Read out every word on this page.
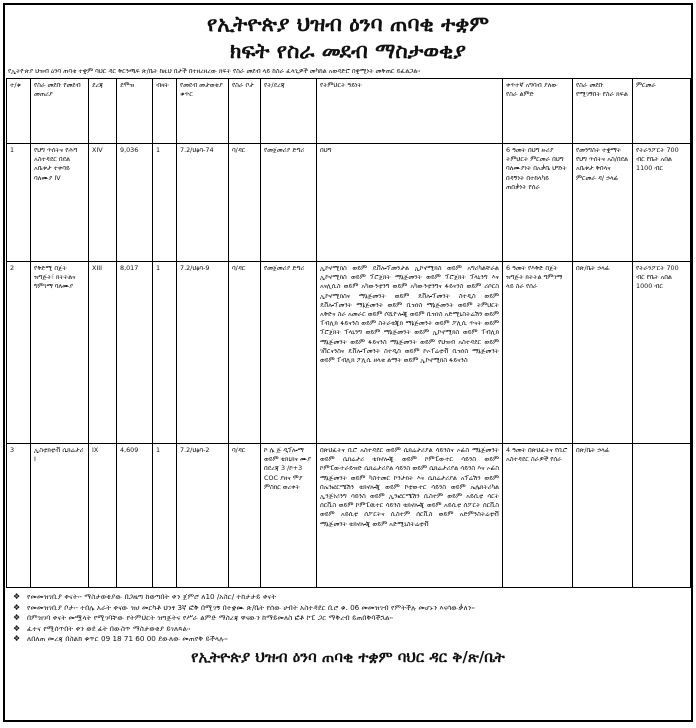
የኢትዮጵያ ህዝብ ዕንባ ጠባቂ ተቋም
ክፍት የስራ መደብ ማስታወቂያ
የኢትዮጵያ ህዝብ ዕንባ ጠባቂ ተቋም ባህር ዳር ቅርንጫፍ ጽ/ቤት ከዚህ በታች በተዘረዘረው ክፍት የስራ መደብ ላይ ከስራ ፈላጊዎች መካከል አወዳድሮ በቋሚነት መቅጠር ይፈልጋል፡፡
ተ/ቁ	የስራ መደቡ የመደብ መጠሪያ	ደረጃ	ደሞዝ	ብዛት	የመደብ መታወቂያ ቁጥር	የስራ ቦታ	የት/ደረጃ	የትምህርት ዓይነት	ቀጥተኛ አግባብ ያለው የስራ ልምድ	የስራ መደቡ የሚገኝበት የስራ ክፍል	ምርመራ
1	የህግ ጥሰትና የሕግ አስተዳደር በደል አቤቱታ ተቀባይ ባለሙያ IV	XIV	9,036	1	7.2/ህፅባ-74	ባ/ዳር	የመጀመሪያ ድግሪ	በህግ	6 ዓመት በህግ ዙሪያ ትምህርት ምርመራ በህግ ባለሙያነት በአቃቤ ህግነት በዳኝነት በተከላካይ ጠበቃነት የሰራ	የመንግስት ተቋማት የህግ ጥሰትና አስ/በደል አቤቱታ ቅበላና ምርመራ ዳ/ ኃላፊ	የትራንፖርት 700 ብር የቤት አበል 1100 ብር
2	የቅድሚ በጀት ዝግጅት፣ ክትትልና ግምገማ ባለሙያ	XIII	8,017	1	7.2/ህፅባ-9	ባ/ዳር	የመጀመሪያ ድግሪ	ኢኮኖሚክስ ወይም ዴቨሎፕመንታል ኢኮኖሚክስ ወይም አግሪካልቸራል ኢኮኖሚክስ ወይም ፕሮጀክት ማኔጅመንት ወይም ፕሮጀክት ፕላኒንግ እና አናሊሲስ ወይም አካውንቲንግ ወይም አካውንቲንግና ፋይናንስ ወይም ሪሶርስ ኢኮኖሚክስና ማኔጅመንት ወይም ዴቨሎፕመንት ስተዲስ ወይም ዴቨሎፕመንት ማኔጅመንት ወይም ቢዝነስ ማኔጅመንት ወይም ትምህርት አቅድና ስራ አመራር ወይም ሶሺዮሎጂ ወይም ቢዝነስ አድሚኒስትሬሽን ወይም ፐብሊክ ፋይናንስ ወይም ስትራቴጂክ ማኔጅመንት ወይም ፖሊሲ ጥናት ወይም ፕሮጀክት ፕላኒንግ ወይም ማኔጅመንት ወይም ኢኮኖሚክስ ወይም ፐብሊክ ማኔጅመንት ወይም ፋይናንስ ማኔጅመንት ወይም የህዝብ አስተዳደር ወይም ገቨርናንስና ዴቨሎፕመንት ስተዲስ ወይም ኮኦፐሬቲቭ ቢዝነስ ማኔጅመንት ወይም ፐብሊክ ፖሊሲ ዘላቂ ልማት ወይም ኢኮኖሚክስ ፋይናንስ	6 ዓመት የእቅድ በጀት ዝግጅት ክትትል ግምገማ ላይ ስራ የሰራ	በጽ/ቤት ኃላፊ	የትራንፖርት 700 ብር የቤት አበል 1000 ብር
3	ኢስቲክቲቭ ሴክሬታሪ I	IX	4,609	1	7.2/ህፅባ-2	ባ/ዳር	ኮ ሌ ጅ ዲፕሎማ ወይም ቴክኒክና ሙያ በደረጃ 3 /ኮ+3 COC ያዘና ሞያ ምስክር ወረቀት	በጽህፈትና ቢሮ አስተዳደር ወይም ሴክሬታሪያል ሳይንስና ኦፊስ ማኔጅመንት ወይም ሴክሬታሪ ቴክኖሎጂ ወይም ኮምፒውተር ሳይንስ ወይም ኮምፒውተራይዝድ ሴክሬታሪያል ሳይንስ ወይም ሴክሬታሪያል ሳይንስ እና ኦፊስ ማኔጅመንት ወይም ካስተመር ኮንታክት እና ሴክሬታሪያል አፕሬሽን ወይም በኤንፎርሜሽን ቴክኖሎጂ ወይም ኮቲውተር ሳይንስ ወይም ኤሌክትሪካል ኢንጅነሪንግ ሳይንስ ወይም ኢንፎርሜሽን ሲስተም ወይም አይሲቲ ሳርት ሰርቪስ ወይም ኮምፒዉተር ሳይንስ ቴክኖሎጂ ወይም አይሲቲ ሰፖርት ሰርቪስ ወይም አይሲቲ ሰፖርትና ሲስተም ሰርቪስ ወይም አድምንስትሬቲቭ ማኔጅመንት ቴክኖሎጂ ወይም አድሚኒስትሬቲቭ	4 ዓመት በጽህፈትና የቢሮ አስተዳደር ስራዎች የሰራ	በጽ/ቤት ኃላፊ	
❖ የመመዝገቢያ ቀናት፡- ማስታወቂያው በጋዜጣ ከወጣበት ቀን ጀምሮ ለ10 /አስር/ ተከታታይ ቀናት
❖ የመመዝገቢያ ቦታ፡- ተበሌ አራት ቀናው ዝሀ መርካቶ ህንፃ 3ኛ ፎቅ በሚገኝ በተቋሙ ጽ/ቤት የሰው ሀብት አስተዳደር ቢሮ ቁ. 06 መመዝገብ የምትችሉ መሆኑን እናሳውቃለን፡፡
❖ በምዝገባ ቀናት መሟላት የሚገባቸው የትምህርት ዝግጅትና የሥራ ልምድ ማስረጃ ዋናውን ከማይመለስ ፎቶ ኮፒ ጋር ማቅረብ ይጠበቅባችኋል፡፡
❖ ፈተና የሚሰጥበት ቀን ወደ ፊት በውስጥ ማስታወቂያ ይገለጻል፡፡
❖ ለበለጠ መረጃ በስልክ ቁጥር 09 18 71 60 00 ደውለው መጠየቅ ይችላሉ፡፡
የኢትዮጵያ ህዝብ ዕንባ ጠባቂ ተቋም ባህር ዳር ቅ/ጽ/ቤት
